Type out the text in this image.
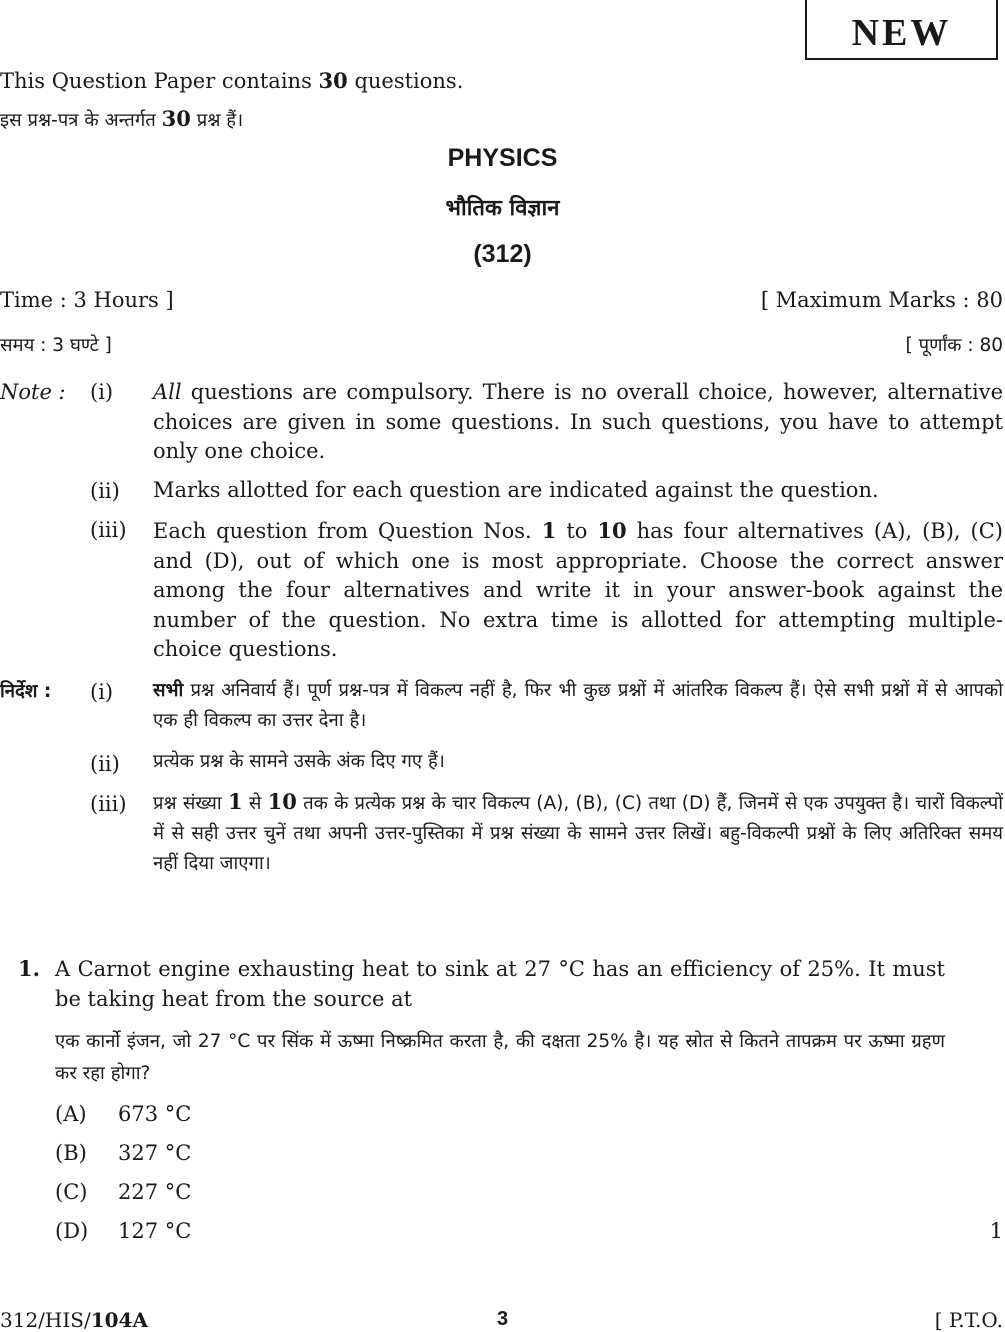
NEW
This Question Paper contains 30 questions.
इस प्रश्न-पत्र के अन्तर्गत 30 प्रश्न हैं।
PHYSICS
भौतिक विज्ञान
(312)
Time : 3 Hours ]	[ Maximum Marks : 80
समय : 3 घण्टे ]	[ पूर्णांक : 80
Note : (i) All questions are compulsory. There is no overall choice, however, alternative choices are given in some questions. In such questions, you have to attempt only one choice.
(ii) Marks allotted for each question are indicated against the question.
(iii) Each question from Question Nos. 1 to 10 has four alternatives (A), (B), (C) and (D), out of which one is most appropriate. Choose the correct answer among the four alternatives and write it in your answer-book against the number of the question. No extra time is allotted for attempting multiple-choice questions.
निर्देश : (i) सभी प्रश्न अनिवार्य हैं। पूर्ण प्रश्न-पत्र में विकल्प नहीं है, फिर भी कुछ प्रश्नों में आंतरिक विकल्प हैं। ऐसे सभी प्रश्नों में से आपको एक ही विकल्प का उत्तर देना है।
(ii) प्रत्येक प्रश्न के सामने उसके अंक दिए गए हैं।
(iii) प्रश्न संख्या 1 से 10 तक के प्रत्येक प्रश्न के चार विकल्प (A), (B), (C) तथा (D) हैं, जिनमें से एक उपयुक्त है। चारों विकल्पों में से सही उत्तर चुनें तथा अपनी उत्तर-पुस्तिका में प्रश्न संख्या के सामने उत्तर लिखें। बहु-विकल्पी प्रश्नों के लिए अतिरिक्त समय नहीं दिया जाएगा।
1. A Carnot engine exhausting heat to sink at 27 °C has an efficiency of 25%. It must be taking heat from the source at
एक कार्नो इंजन, जो 27 °C पर सिंक में ऊष्मा निष्क्रमित करता है, की दक्षता 25% है। यह स्रोत से कितने तापक्रम पर ऊष्मा ग्रहण कर रहा होगा?
(A) 673 °C
(B) 327 °C
(C) 227 °C
(D) 127 °C	1
312/HIS/104A	3	[ P.T.O.
